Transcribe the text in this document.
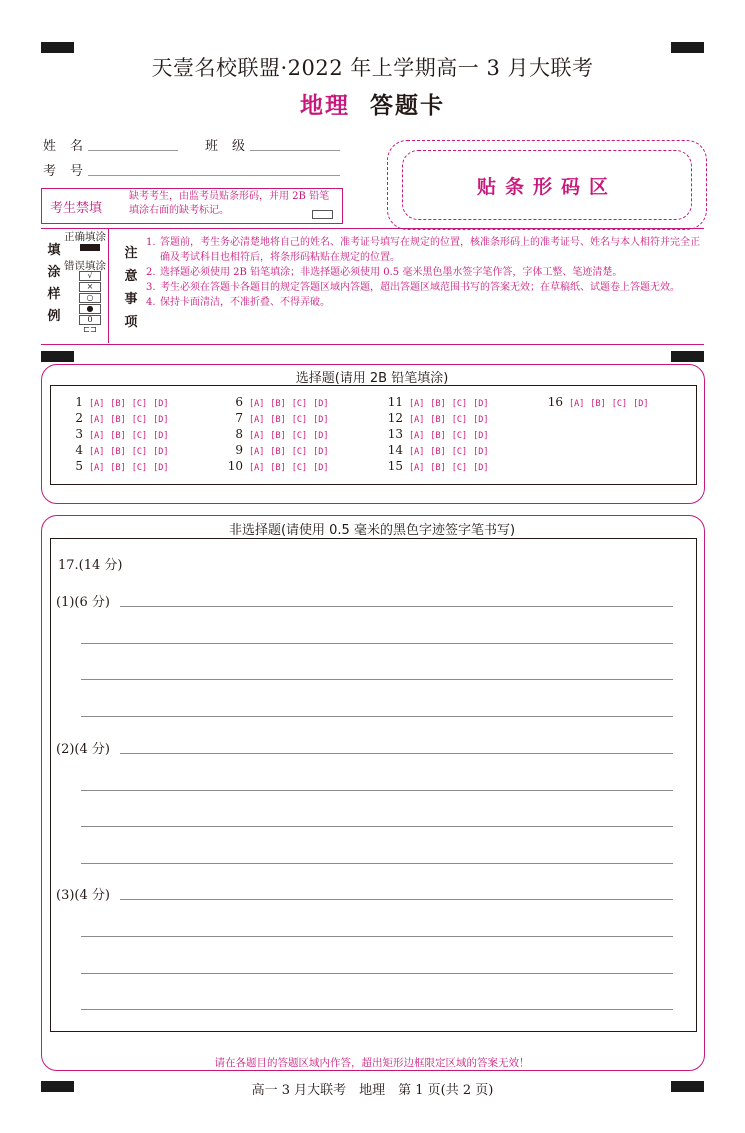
天壹名校联盟·2022 年上学期高一 3 月大联考
地理 答题卡
姓名	班级
考号
贴条形码区
考生禁填
缺考考生，由监考员贴条形码，并用 2B 铅笔填涂右面的缺考标记。
填
涂
样
例
正确填涂
错误填涂
√
×
○
●
0
⊏⊐
注
意
事
项
1. 答题前，考生务必清楚地将自己的姓名、准考证号填写在规定的位置，核准条形码上的准考证号、姓名与本人相符并完全正确及考试科目也相符后，将条形码粘贴在规定的位置。
2. 选择题必须使用 2B 铅笔填涂；非选择题必须使用 0.5 毫米黑色墨水签字笔作答，字体工整、笔迹清楚。
3. 考生必须在答题卡各题目的规定答题区域内答题，超出答题区域范围书写的答案无效；在草稿纸、试题卷上答题无效。
4. 保持卡面清洁，不准折叠、不得弄破。
选择题(请用 2B 铅笔填涂)
1 [A] [B] [C] [D]
2 [A] [B] [C] [D]
3 [A] [B] [C] [D]
4 [A] [B] [C] [D]
5 [A] [B] [C] [D]
6 [A] [B] [C] [D]
7 [A] [B] [C] [D]
8 [A] [B] [C] [D]
9 [A] [B] [C] [D]
10 [A] [B] [C] [D]
11 [A] [B] [C] [D]
12 [A] [B] [C] [D]
13 [A] [B] [C] [D]
14 [A] [B] [C] [D]
15 [A] [B] [C] [D]
16 [A] [B] [C] [D]
非选择题(请使用 0.5 毫米的黑色字迹签字笔书写)
17.(14 分)
(1)(6 分)
(2)(4 分)
(3)(4 分)
请在各题目的答题区域内作答，超出矩形边框限定区域的答案无效！
高一 3 月大联考　地理　第 1 页(共 2 页)
